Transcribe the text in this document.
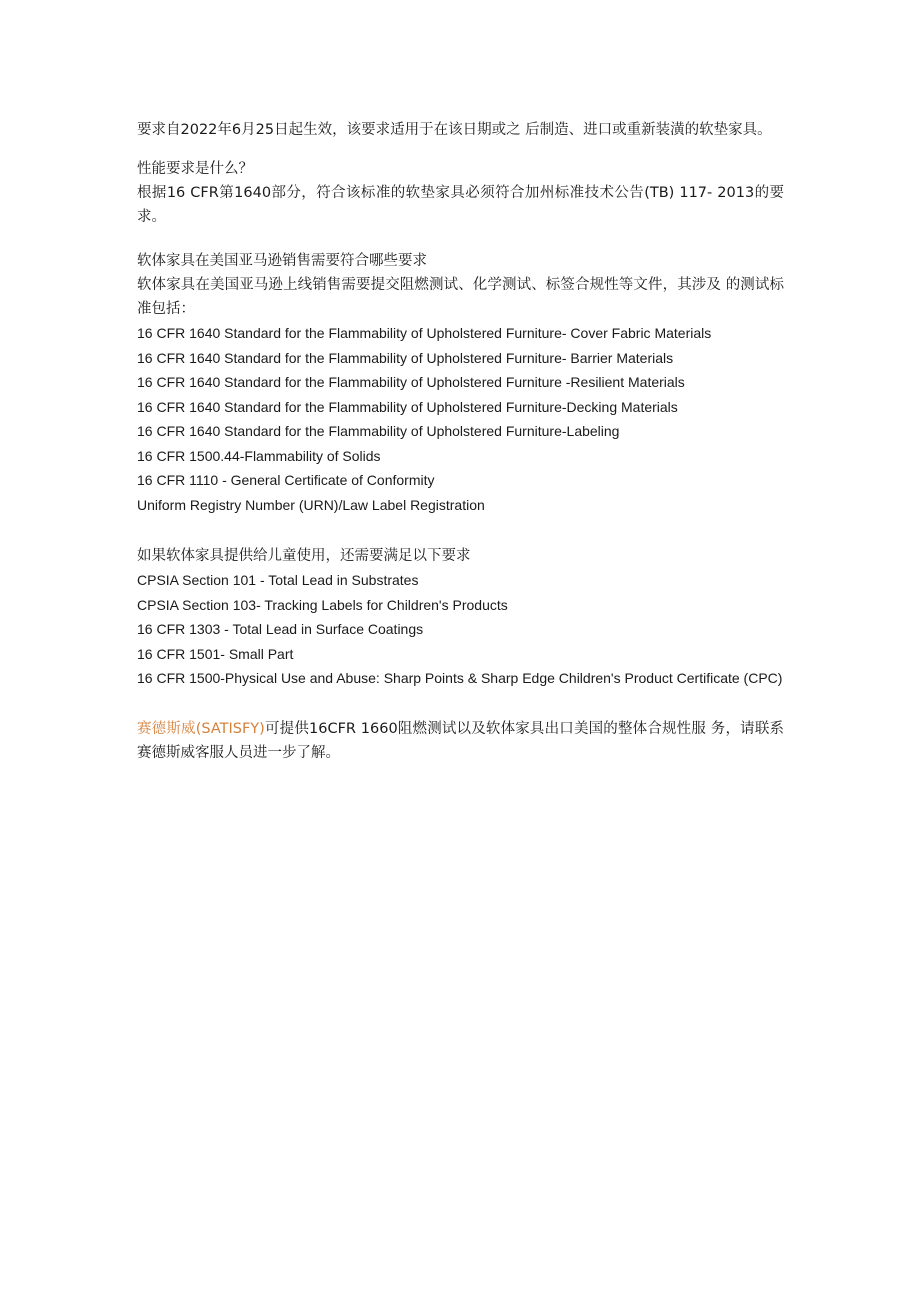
要求自2022年6月25日起生效，该要求适用于在该日期或之 后制造、进口或重新装潢的软垫家具。

性能要求是什么？

根据16 CFR第1640部分，符合该标准的软垫家具必须符合加州标准技术公告(TB) 117- 2013的要求。

软体家具在美国亚马逊销售需要符合哪些要求

软体家具在美国亚马逊上线销售需要提交阻燃测试、化学测试、标签合规性等文件，其涉及 的测试标准包括：

16 CFR 1640 Standard for the Flammability of Upholstered Furniture- Cover Fabric Materials
16 CFR 1640 Standard for the Flammability of Upholstered Furniture- Barrier Materials
16 CFR 1640 Standard for the Flammability of Upholstered Furniture -Resilient Materials
16 CFR 1640 Standard for the Flammability of Upholstered Furniture-Decking Materials
16 CFR 1640 Standard for the Flammability of Upholstered Furniture-Labeling
16 CFR 1500.44-Flammability of Solids
16 CFR 1110 - General Certificate of Conformity
Uniform Registry Number (URN)/Law Label Registration

如果软体家具提供给儿童使用，还需要满足以下要求

CPSIA Section 101 - Total Lead in Substrates
CPSIA Section 103- Tracking Labels for Children's Products
16 CFR 1303 - Total Lead in Surface Coatings
16 CFR 1501- Small Part

16 CFR 1500-Physical Use and Abuse: Sharp Points & Sharp Edge Children's Product Certificate (CPC)

赛德斯威(SATISFY)可提供16CFR 1660阻燃测试以及软体家具出口美国的整体合规性服 务，请联系赛德斯威客服人员进一步了解。
